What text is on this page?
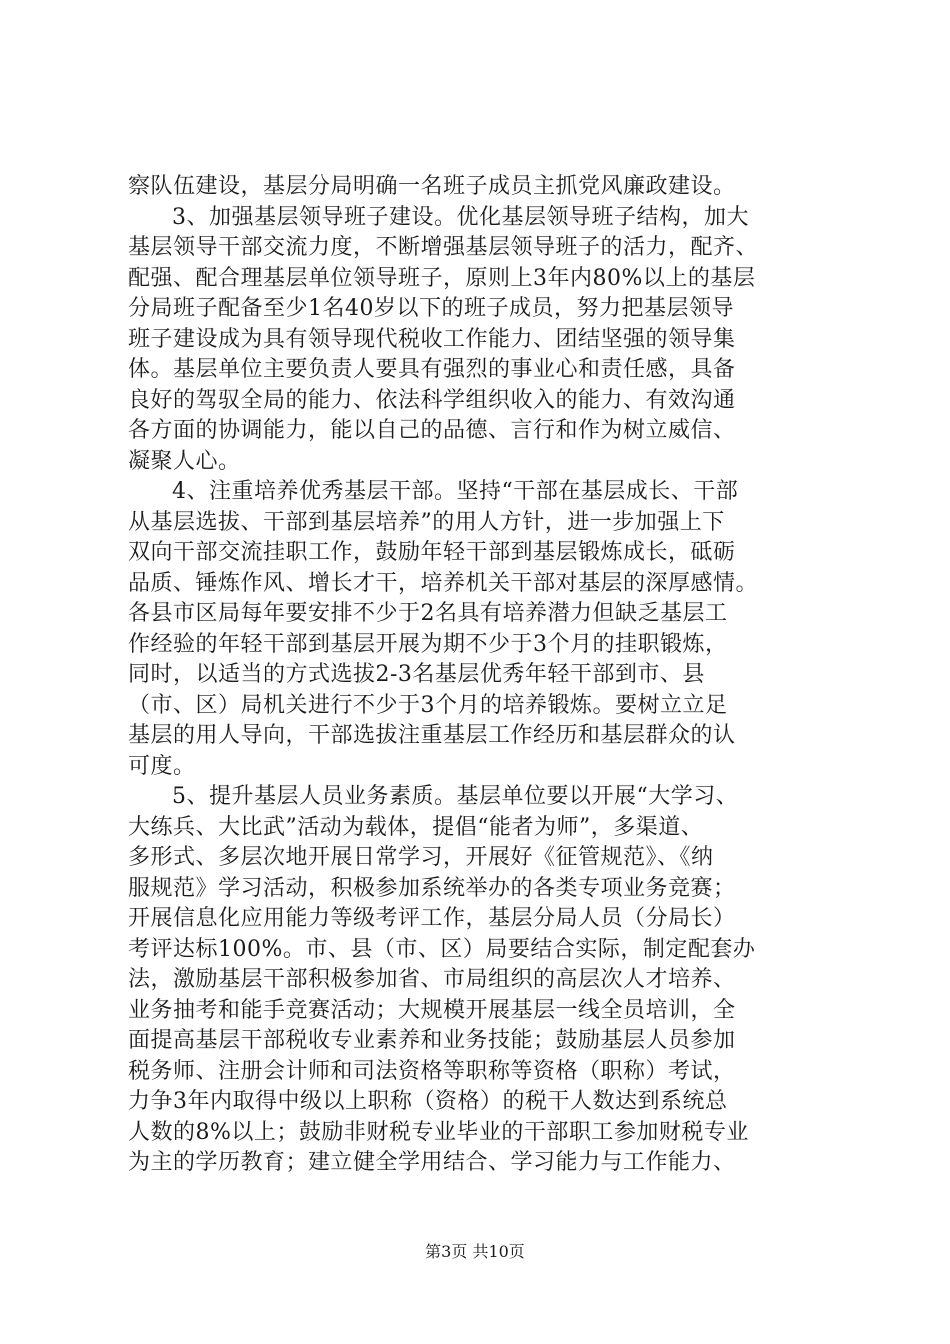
察队伍建设，基层分局明确一名班子成员主抓党风廉政建设。
3、加强基层领导班子建设。优化基层领导班子结构，加大
基层领导干部交流力度，不断增强基层领导班子的活力，配齐、
配强、配合理基层单位领导班子，原则上3年内80%以上的基层
分局班子配备至少1名40岁以下的班子成员，努力把基层领导
班子建设成为具有领导现代税收工作能力、团结坚强的领导集
体。基层单位主要负责人要具有强烈的事业心和责任感，具备
良好的驾驭全局的能力、依法科学组织收入的能力、有效沟通
各方面的协调能力，能以自己的品德、言行和作为树立威信、
凝聚人心。
4、注重培养优秀基层干部。坚持“干部在基层成长、干部
从基层选拔、干部到基层培养”的用人方针，进一步加强上下
双向干部交流挂职工作，鼓励年轻干部到基层锻炼成长，砥砺
品质、锤炼作风、增长才干，培养机关干部对基层的深厚感情。
各县市区局每年要安排不少于2名具有培养潜力但缺乏基层工
作经验的年轻干部到基层开展为期不少于3个月的挂职锻炼，
同时，以适当的方式选拔2-3名基层优秀年轻干部到市、县
（市、区）局机关进行不少于3个月的培养锻炼。要树立立足
基层的用人导向，干部选拔注重基层工作经历和基层群众的认
可度。
5、提升基层人员业务素质。基层单位要以开展“大学习、
大练兵、大比武”活动为载体，提倡“能者为师”，多渠道、
多形式、多层次地开展日常学习，开展好《征管规范》、《纳
服规范》学习活动，积极参加系统举办的各类专项业务竞赛；
开展信息化应用能力等级考评工作，基层分局人员（分局长）
考评达标100%。市、县（市、区）局要结合实际，制定配套办
法，激励基层干部积极参加省、市局组织的高层次人才培养、
业务抽考和能手竞赛活动；大规模开展基层一线全员培训，全
面提高基层干部税收专业素养和业务技能；鼓励基层人员参加
税务师、注册会计师和司法资格等职称等资格（职称）考试，
力争3年内取得中级以上职称（资格）的税干人数达到系统总
人数的8%以上；鼓励非财税专业毕业的干部职工参加财税专业
为主的学历教育；建立健全学用结合、学习能力与工作能力、
第3页 共10页
